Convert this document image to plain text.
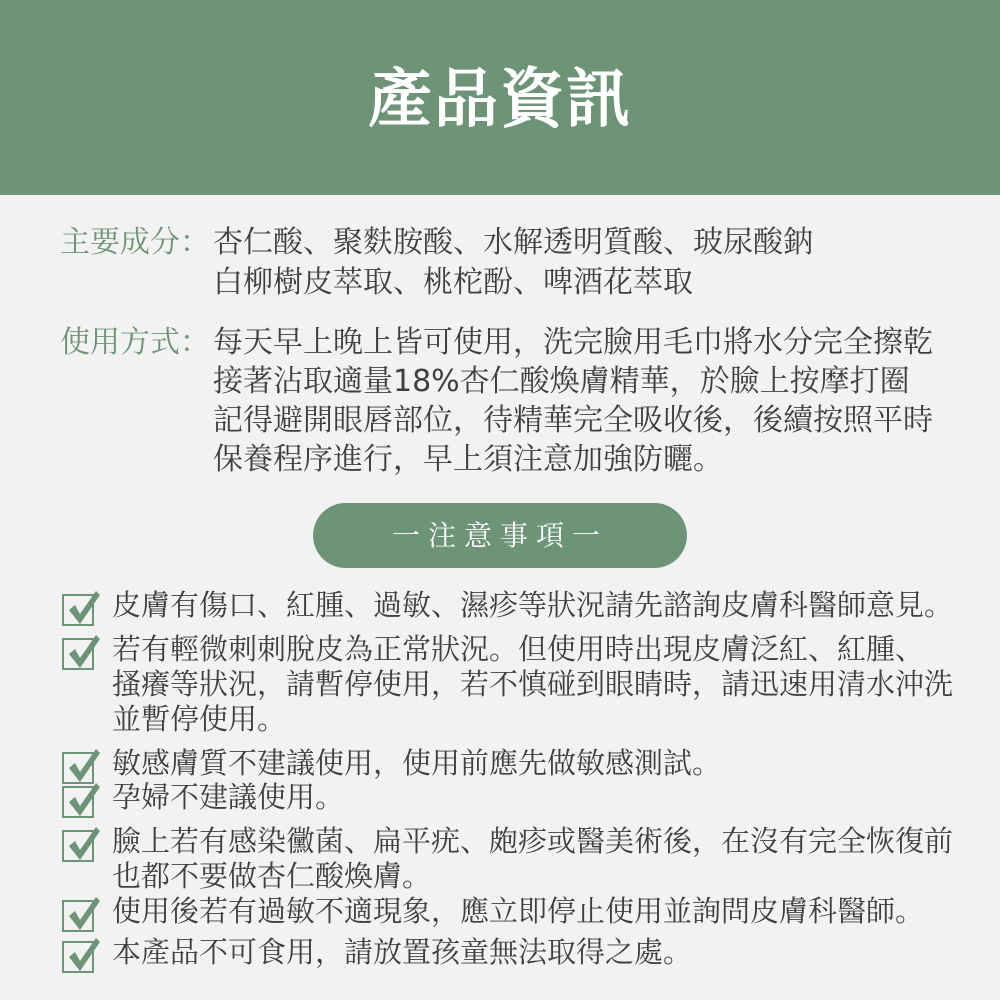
產品資訊
主要成分： 杏仁酸、聚麩胺酸、水解透明質酸、玻尿酸鈉
白柳樹皮萃取、桃柁酚、啤酒花萃取
使用方式： 每天早上晚上皆可使用，洗完臉用毛巾將水分完全擦乾
接著沾取適量18%杏仁酸煥膚精華，於臉上按摩打圈
記得避開眼唇部位，待精華完全吸收後，後續按照平時
保養程序進行，早上須注意加強防曬。
一注意事項一
皮膚有傷口、紅腫、過敏、濕疹等狀況請先諮詢皮膚科醫師意見。
若有輕微刺刺脫皮為正常狀況。但使用時出現皮膚泛紅、紅腫、
搔癢等狀況，請暫停使用，若不慎碰到眼睛時，請迅速用清水沖洗
並暫停使用。
敏感膚質不建議使用，使用前應先做敏感測試。
孕婦不建議使用。
臉上若有感染黴菌、扁平疣、皰疹或醫美術後，在沒有完全恢復前
也都不要做杏仁酸煥膚。
使用後若有過敏不適現象，應立即停止使用並詢問皮膚科醫師。
本產品不可食用，請放置孩童無法取得之處。
